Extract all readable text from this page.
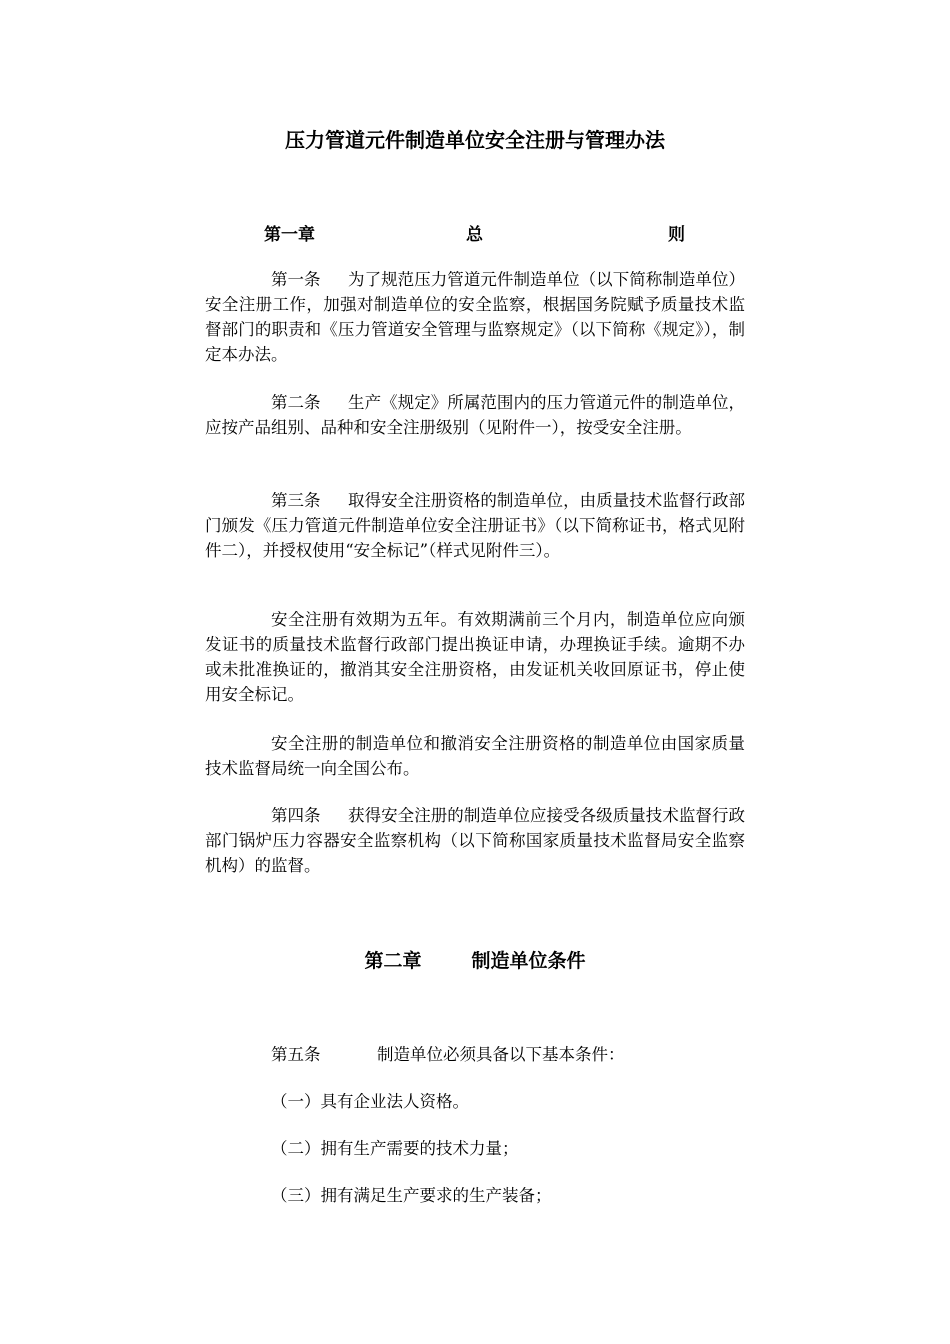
压力管道元件制造单位安全注册与管理办法
第一章	总	则
第一条 为了规范压力管道元件制造单位（以下简称制造单位）安全注册工作，加强对制造单位的安全监察，根据国务院赋予质量技术监督部门的职责和《压力管道安全管理与监察规定》（以下简称《规定》），制定本办法。
第二条 生产《规定》所属范围内的压力管道元件的制造单位，应按产品组别、品种和安全注册级别（见附件一），按受安全注册。
第三条 取得安全注册资格的制造单位，由质量技术监督行政部门颁发《压力管道元件制造单位安全注册证书》（以下简称证书，格式见附件二），并授权使用“安全标记”（样式见附件三）。
安全注册有效期为五年。有效期满前三个月内，制造单位应向颁发证书的质量技术监督行政部门提出换证申请，办理换证手续。逾期不办或未批准换证的，撤消其安全注册资格，由发证机关收回原证书，停止使用安全标记。
安全注册的制造单位和撤消安全注册资格的制造单位由国家质量技术监督局统一向全国公布。
第四条 获得安全注册的制造单位应接受各级质量技术监督行政部门锅炉压力容器安全监察机构（以下简称国家质量技术监督局安全监察机构）的监督。
第二章	制造单位条件
第五条	制造单位必须具备以下基本条件：
（一）具有企业法人资格。
（二）拥有生产需要的技术力量；
（三）拥有满足生产要求的生产装备；
